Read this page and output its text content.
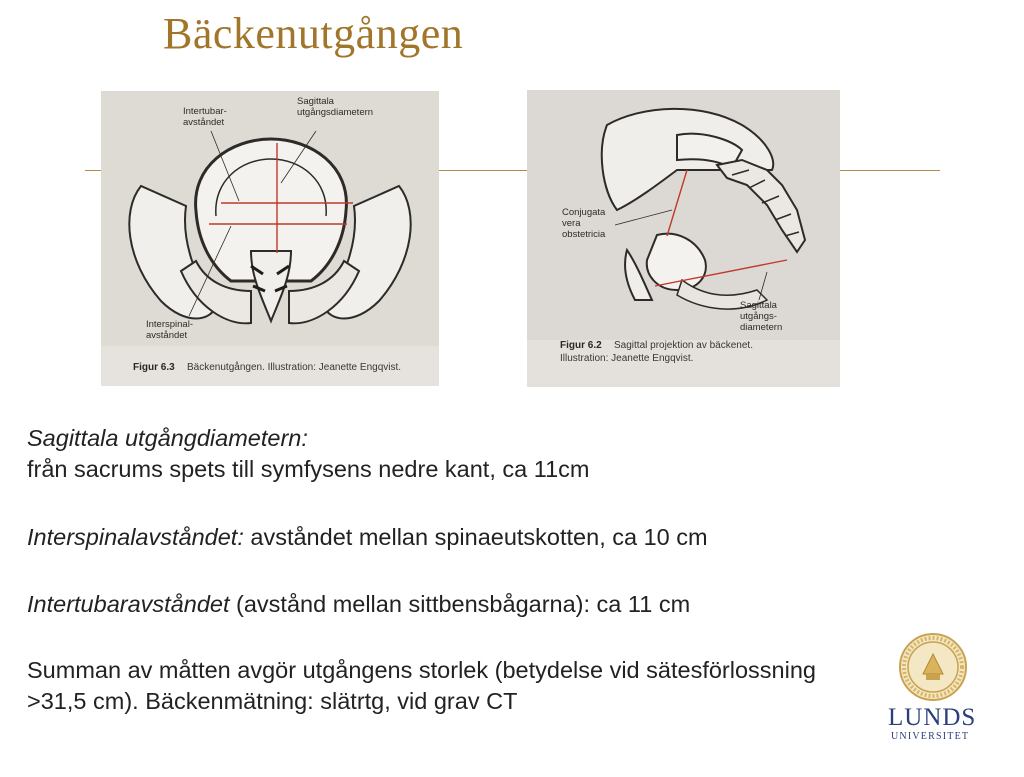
Bäckenutgången
Intertubar-
avståndet
Sagittala
utgångsdiametern
Interspinal-
avståndet
Figur 6.3 Bäckenutgången. Illustration: Jeanette Engqvist.
Conjugata
vera
obstetricia
Sagittala
utgångs-
diametern
Figur 6.2 Sagittal projektion av bäckenet.
Illustration: Jeanette Engqvist.
Sagittala utgångdiametern:
från sacrums spets till symfysens nedre kant, ca 11cm
Interspinalavståndet: avståndet mellan spinaeutskotten, ca 10 cm
Intertubaravståndet (avstånd mellan sittbensbågarna): ca 11 cm
Summan av måtten avgör utgångens storlek (betydelse vid sätesförlossning
>31,5 cm). Bäckenmätning: slätrtg, vid grav CT
LUNDS
UNIVERSITET
